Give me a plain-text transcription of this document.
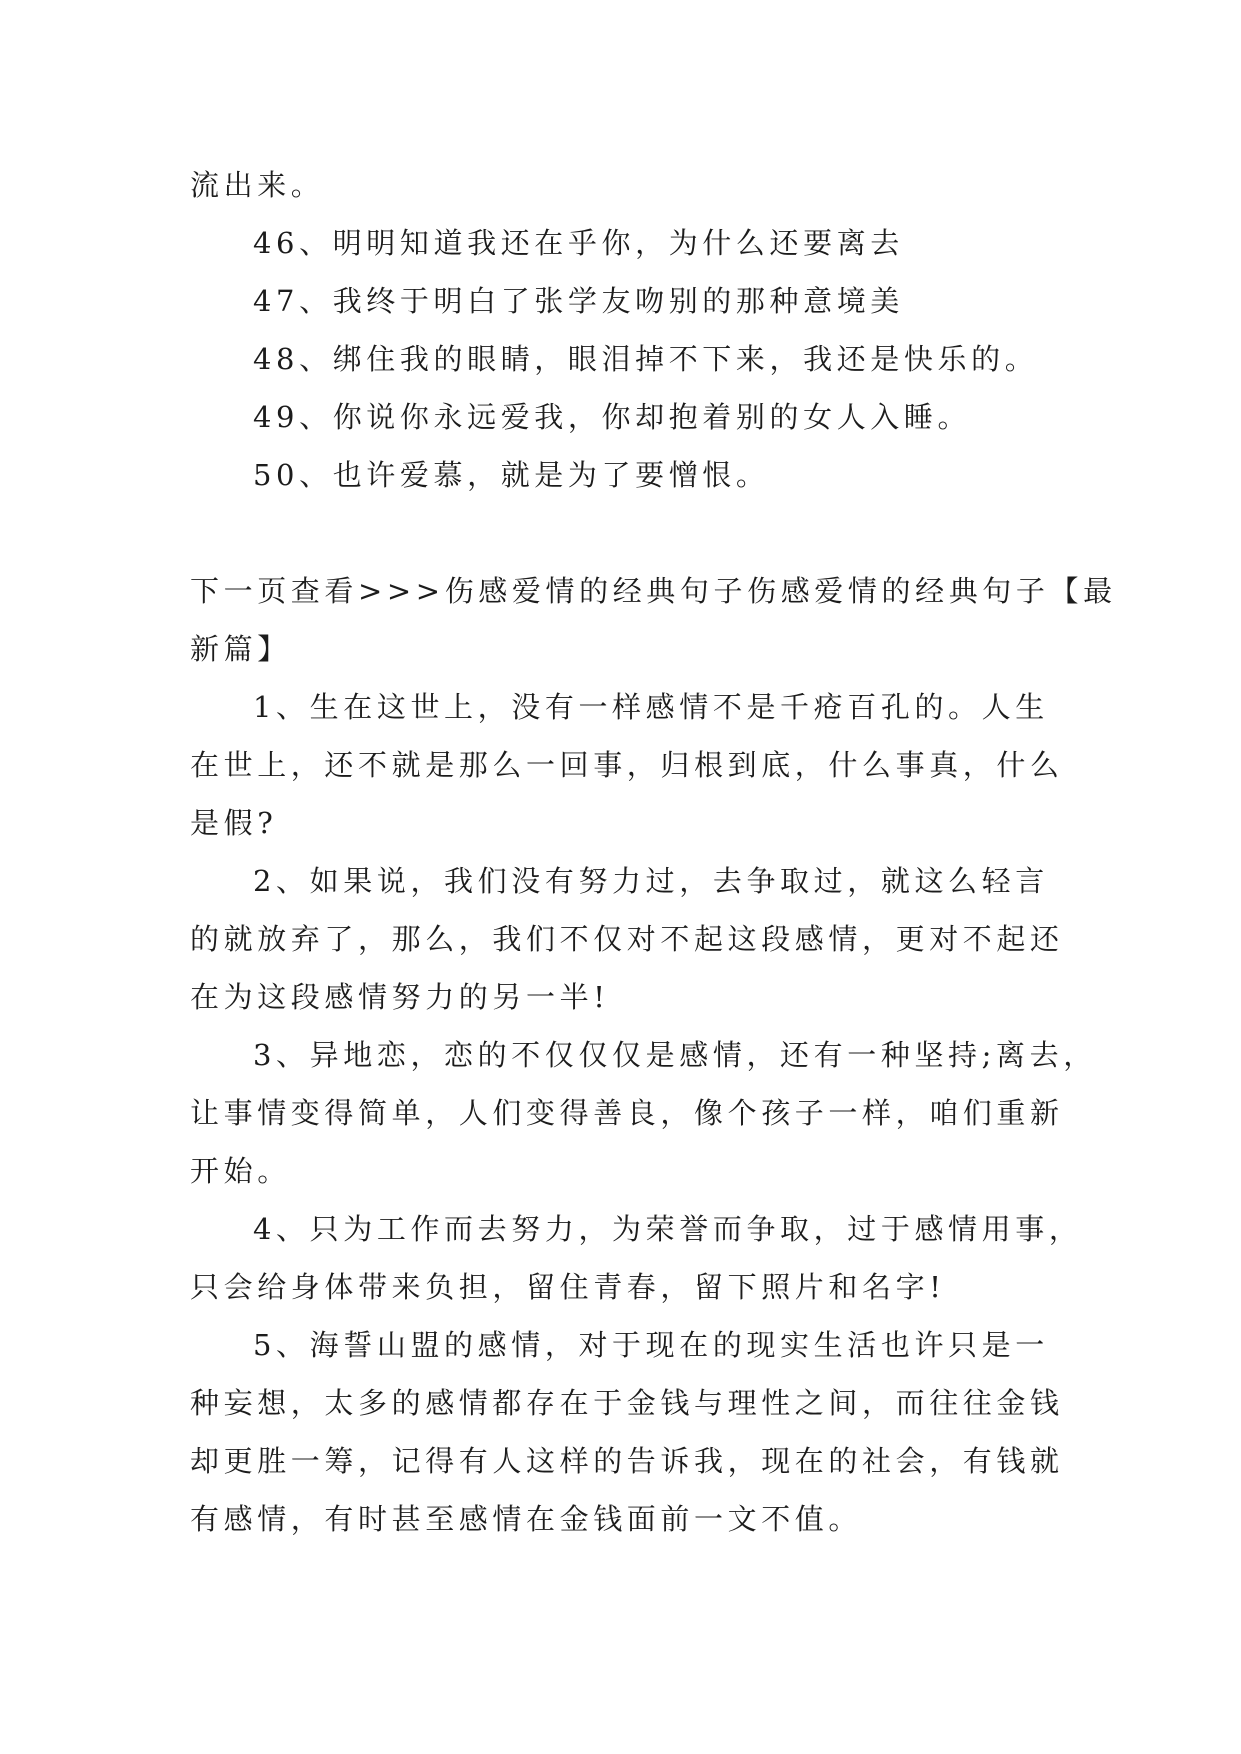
流出来。
46、明明知道我还在乎你，为什么还要离去
47、我终于明白了张学友吻别的那种意境美
48、绑住我的眼睛，眼泪掉不下来，我还是快乐的。
49、你说你永远爱我，你却抱着别的女人入睡。
50、也许爱慕，就是为了要憎恨。
下一页查看>>>伤感爱情的经典句子伤感爱情的经典句子【最
新篇】
1、生在这世上，没有一样感情不是千疮百孔的。人生
在世上，还不就是那么一回事，归根到底，什么事真，什么
是假?
2、如果说，我们没有努力过，去争取过，就这么轻言
的就放弃了，那么，我们不仅对不起这段感情，更对不起还
在为这段感情努力的另一半!
3、异地恋，恋的不仅仅仅是感情，还有一种坚持;离去，
让事情变得简单，人们变得善良，像个孩子一样，咱们重新
开始。
4、只为工作而去努力，为荣誉而争取，过于感情用事，
只会给身体带来负担，留住青春，留下照片和名字!
5、海誓山盟的感情，对于现在的现实生活也许只是一
种妄想，太多的感情都存在于金钱与理性之间，而往往金钱
却更胜一筹，记得有人这样的告诉我，现在的社会，有钱就
有感情，有时甚至感情在金钱面前一文不值。
